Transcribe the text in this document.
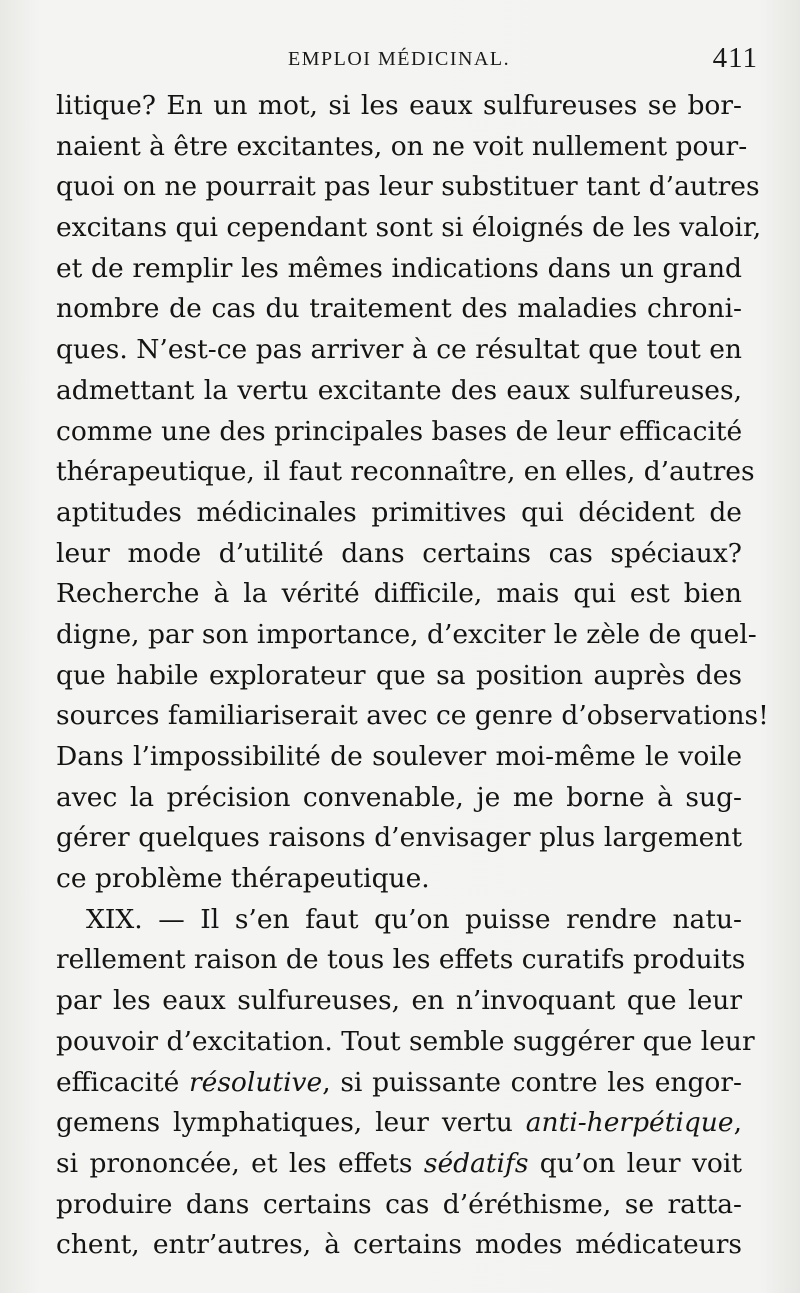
EMPLOI MÉDICINAL.	411
litique? En un mot, si les eaux sulfureuses se bor-
naient à être excitantes, on ne voit nullement pour-
quoi on ne pourrait pas leur substituer tant d’autres
excitans qui cependant sont si éloignés de les valoir,
et de remplir les mêmes indications dans un grand
nombre de cas du traitement des maladies chroni-
ques. N’est-ce pas arriver à ce résultat que tout en
admettant la vertu excitante des eaux sulfureuses,
comme une des principales bases de leur efficacité
thérapeutique, il faut reconnaître, en elles, d’autres
aptitudes médicinales primitives qui décident de
leur mode d’utilité dans certains cas spéciaux?
Recherche à la vérité difficile, mais qui est bien
digne, par son importance, d’exciter le zèle de quel-
que habile explorateur que sa position auprès des
sources familiariserait avec ce genre d’observations!
Dans l’impossibilité de soulever moi-même le voile
avec la précision convenable, je me borne à sug-
gérer quelques raisons d’envisager plus largement
ce problème thérapeutique.
XIX. — Il s’en faut qu’on puisse rendre natu-
rellement raison de tous les effets curatifs produits
par les eaux sulfureuses, en n’invoquant que leur
pouvoir d’excitation. Tout semble suggérer que leur
efficacité résolutive, si puissante contre les engor-
gemens lymphatiques, leur vertu anti-herpétique,
si prononcée, et les effets sédatifs qu’on leur voit
produire dans certains cas d’éréthisme, se ratta-
chent, entr’autres, à certains modes médicateurs
